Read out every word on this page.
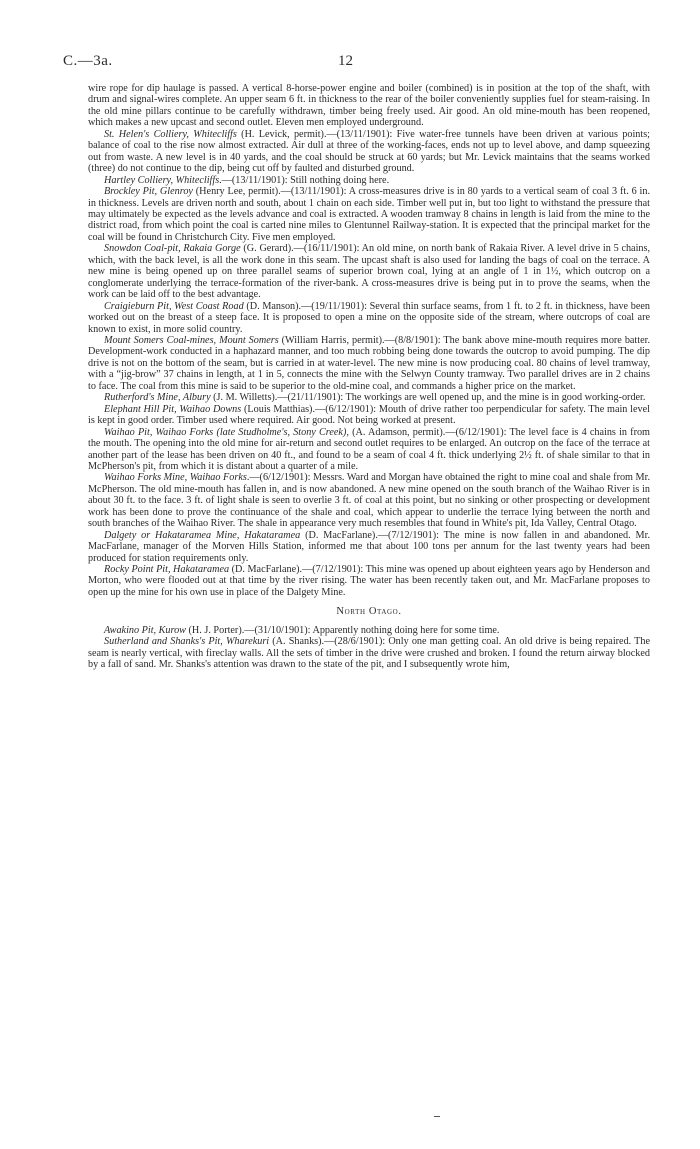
C.—3a.	12

wire rope for dip haulage is passed. A vertical 8-horse-power engine and boiler (combined) is in position at the top of the shaft, with drum and signal-wires complete. An upper seam 6 ft. in thickness to the rear of the boiler conveniently supplies fuel for steam-raising. In the old mine pillars continue to be carefully withdrawn, timber being freely used. Air good. An old mine-mouth has been reopened, which makes a new upcast and second outlet. Eleven men employed underground.

St. Helen's Colliery, Whitecliffs (H. Levick, permit).—(13/11/1901): Five water-free tunnels have been driven at various points; balance of coal to the rise now almost extracted. Air dull at three of the working-faces, ends not up to level above, and damp squeezing out from waste. A new level is in 40 yards, and the coal should be struck at 60 yards; but Mr. Levick maintains that the seams worked (three) do not continue to the dip, being cut off by faulted and disturbed ground.

Hartley Colliery, Whitecliffs.—(13/11/1901): Still nothing doing here.

Brockley Pit, Glenroy (Henry Lee, permit).—(13/11/1901): A cross-measures drive is in 80 yards to a vertical seam of coal 3 ft. 6 in. in thickness. Levels are driven north and south, about 1 chain on each side. Timber well put in, but too light to withstand the pressure that may ultimately be expected as the levels advance and coal is extracted. A wooden tramway 8 chains in length is laid from the mine to the district road, from which point the coal is carted nine miles to Glentunnel Railway-station. It is expected that the principal market for the coal will be found in Christchurch City. Five men employed.

Snowdon Coal-pit, Rakaia Gorge (G. Gerard).—(16/11/1901): An old mine, on north bank of Rakaia River. A level drive in 5 chains, which, with the back level, is all the work done in this seam. The upcast shaft is also used for landing the bags of coal on the terrace. A new mine is being opened up on three parallel seams of superior brown coal, lying at an angle of 1 in 1½, which outcrop on a conglomerate underlying the terrace-formation of the river-bank. A cross-measures drive is being put in to prove the seams, when the work can be laid off to the best advantage.

Craigieburn Pit, West Coast Road (D. Manson).—(19/11/1901): Several thin surface seams, from 1 ft. to 2 ft. in thickness, have been worked out on the breast of a steep face. It is proposed to open a mine on the opposite side of the stream, where outcrops of coal are known to exist, in more solid country.

Mount Somers Coal-mines, Mount Somers (William Harris, permit).—(8/8/1901): The bank above mine-mouth requires more batter. Development-work conducted in a haphazard manner, and too much robbing being done towards the outcrop to avoid pumping. The dip drive is not on the bottom of the seam, but is carried in at water-level. The new mine is now producing coal. 80 chains of level tramway, with a “jig-brow” 37 chains in length, at 1 in 5, connects the mine with the Selwyn County tramway. Two parallel drives are in 2 chains to face. The coal from this mine is said to be superior to the old-mine coal, and commands a higher price on the market.

Rutherford's Mine, Albury (J. M. Willetts).—(21/11/1901): The workings are well opened up, and the mine is in good working-order.

Elephant Hill Pit, Waihao Downs (Louis Matthias).—(6/12/1901): Mouth of drive rather too perpendicular for safety. The main level is kept in good order. Timber used where required. Air good. Not being worked at present.

Waihao Pit, Waihao Forks (late Studholme's, Stony Creek), (A. Adamson, permit).—(6/12/1901): The level face is 4 chains in from the mouth. The opening into the old mine for air-return and second outlet requires to be enlarged. An outcrop on the face of the terrace at another part of the lease has been driven on 40 ft., and found to be a seam of coal 4 ft. thick underlying 2½ ft. of shale similar to that in McPherson's pit, from which it is distant about a quarter of a mile.

Waihao Forks Mine, Waihao Forks.—(6/12/1901): Messrs. Ward and Morgan have obtained the right to mine coal and shale from Mr. McPherson. The old mine-mouth has fallen in, and is now abandoned. A new mine opened on the south branch of the Waihao River is in about 30 ft. to the face. 3 ft. of light shale is seen to overlie 3 ft. of coal at this point, but no sinking or other prospecting or development work has been done to prove the continuance of the shale and coal, which appear to underlie the terrace lying between the north and south branches of the Waihao River. The shale in appearance very much resembles that found in White's pit, Ida Valley, Central Otago.

Dalgety or Hakataramea Mine, Hakataramea (D. MacFarlane).—(7/12/1901): The mine is now fallen in and abandoned. Mr. MacFarlane, manager of the Morven Hills Station, informed me that about 100 tons per annum for the last twenty years had been produced for station requirements only.

Rocky Point Pit, Hakataramea (D. MacFarlane).—(7/12/1901): This mine was opened up about eighteen years ago by Henderson and Morton, who were flooded out at that time by the river rising. The water has been recently taken out, and Mr. MacFarlane proposes to open up the mine for his own use in place of the Dalgety Mine.

North Otago.

Awakino Pit, Kurow (H. J. Porter).—(31/10/1901): Apparently nothing doing here for some time.

Sutherland and Shanks's Pit, Wharekuri (A. Shanks).—(28/6/1901): Only one man getting coal. An old drive is being repaired. The seam is nearly vertical, with fireclay walls. All the sets of timber in the drive were crushed and broken. I found the return airway blocked by a fall of sand. Mr. Shanks's attention was drawn to the state of the pit, and I subsequently wrote him,
